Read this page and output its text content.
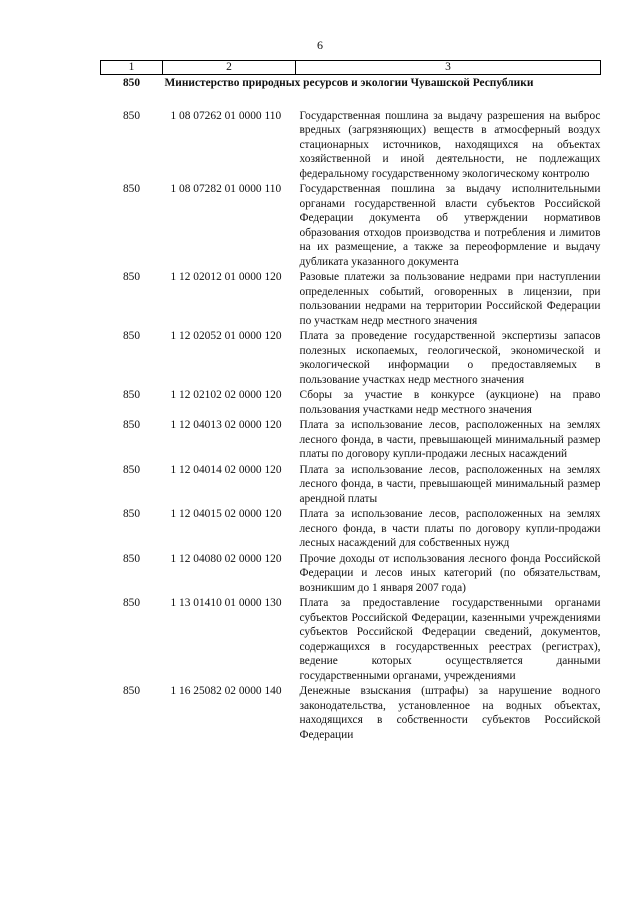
6
1	2	3
850	Министерство природных ресурсов и экологии Чувашской Республики	

850	1 08 07262 01 0000 110	Государственная пошлина за выдачу разрешения на выброс вредных (загрязняющих) веществ в атмосферный воздух стационарных источников, находящихся на объектах хозяйственной и иной деятельности, не подлежащих федеральному государственному экологическому контролю
850	1 08 07282 01 0000 110	Государственная пошлина за выдачу исполнительными органами государственной власти субъектов Российской Федерации документа об утверждении нормативов образования отходов производства и потребления и лимитов на их размещение, а также за переоформление и выдачу дубликата указанного документа
850	1 12 02012 01 0000 120	Разовые платежи за пользование недрами при наступлении определенных событий, оговоренных в лицензии, при пользовании недрами на территории Российской Федерации по участкам недр местного значения
850	1 12 02052 01 0000 120	Плата за проведение государственной экспертизы запасов полезных ископаемых, геологической, экономической и экологической информации о предоставляемых в пользование участках недр местного значения
850	1 12 02102 02 0000 120	Сборы за участие в конкурсе (аукционе) на право пользования участками недр местного значения
850	1 12 04013 02 0000 120	Плата за использование лесов, расположенных на землях лесного фонда, в части, превышающей минимальный размер платы по договору купли-продажи лесных насаждений
850	1 12 04014 02 0000 120	Плата за использование лесов, расположенных на землях лесного фонда, в части, превышающей минимальный размер арендной платы
850	1 12 04015 02 0000 120	Плата за использование лесов, расположенных на землях лесного фонда, в части платы по договору купли-продажи лесных насаждений для собственных нужд
850	1 12 04080 02 0000 120	Прочие доходы от использования лесного фонда Российской Федерации и лесов иных категорий (по обязательствам, возникшим до 1 января 2007 года)
850	1 13 01410 01 0000 130	Плата за предоставление государственными органами субъектов Российской Федерации, казенными учреждениями субъектов Российской Федерации сведений, документов, содержащихся в государственных реестрах (регистрах), ведение которых осуществляется данными государственными органами, учреждениями
850	1 16 25082 02 0000 140	Денежные взыскания (штрафы) за нарушение водного законодательства, установленное на водных объектах, находящихся в собственности субъектов Российской Федерации
